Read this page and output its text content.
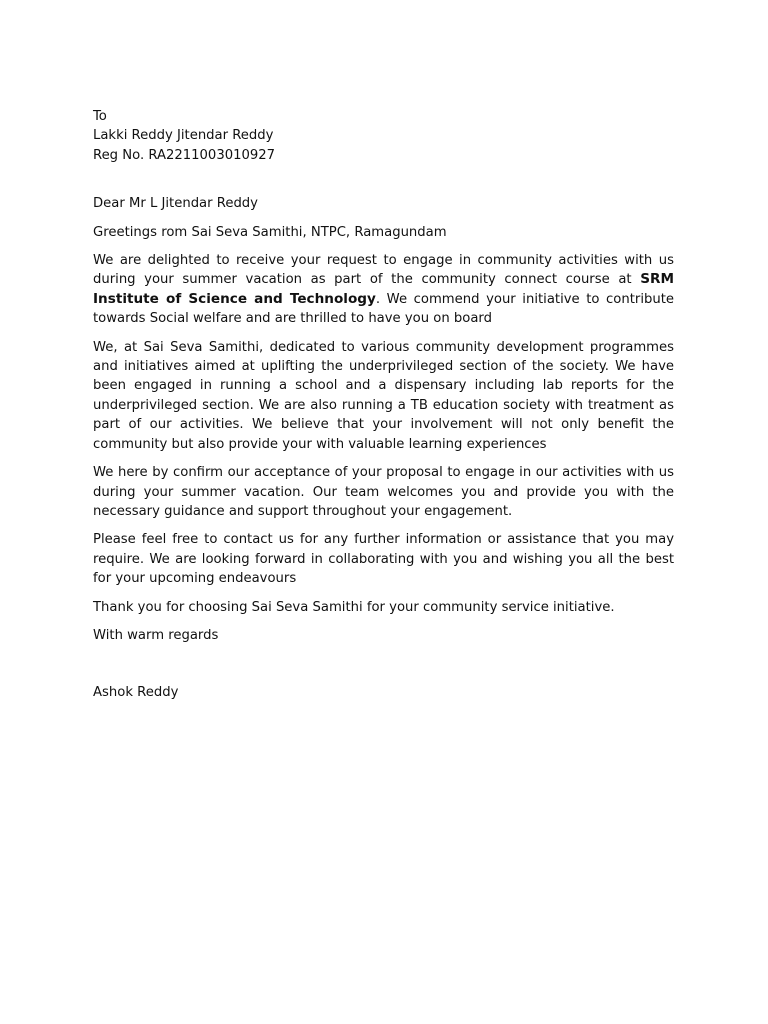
To

Lakki Reddy Jitendar Reddy

Reg No. RA2211003010927

Dear Mr L Jitendar Reddy

Greetings rom Sai Seva Samithi, NTPC, Ramagundam

We are delighted to receive your request to engage in community activities with us during your summer vacation as part of the community connect course at SRM Institute of Science and Technology. We commend your initiative to contribute towards Social welfare and are thrilled to have you on board

We, at Sai Seva Samithi, dedicated to various community development programmes and initiatives aimed at uplifting the underprivileged section of the society. We have been engaged in running a school and a dispensary including lab reports for the underprivileged section. We are also running a TB education society with treatment as part of our activities. We believe that your involvement will not only benefit the community but also provide your with valuable learning experiences

We here by confirm our acceptance of your proposal to engage in our activities with us during your summer vacation. Our team welcomes you and provide you with the necessary guidance and support throughout your engagement.

Please feel free to contact us for any further information or assistance that you may require. We are looking forward in collaborating with you and wishing you all the best for your upcoming endeavours

Thank you for choosing Sai Seva Samithi for your community service initiative.

With warm regards

Ashok Reddy
